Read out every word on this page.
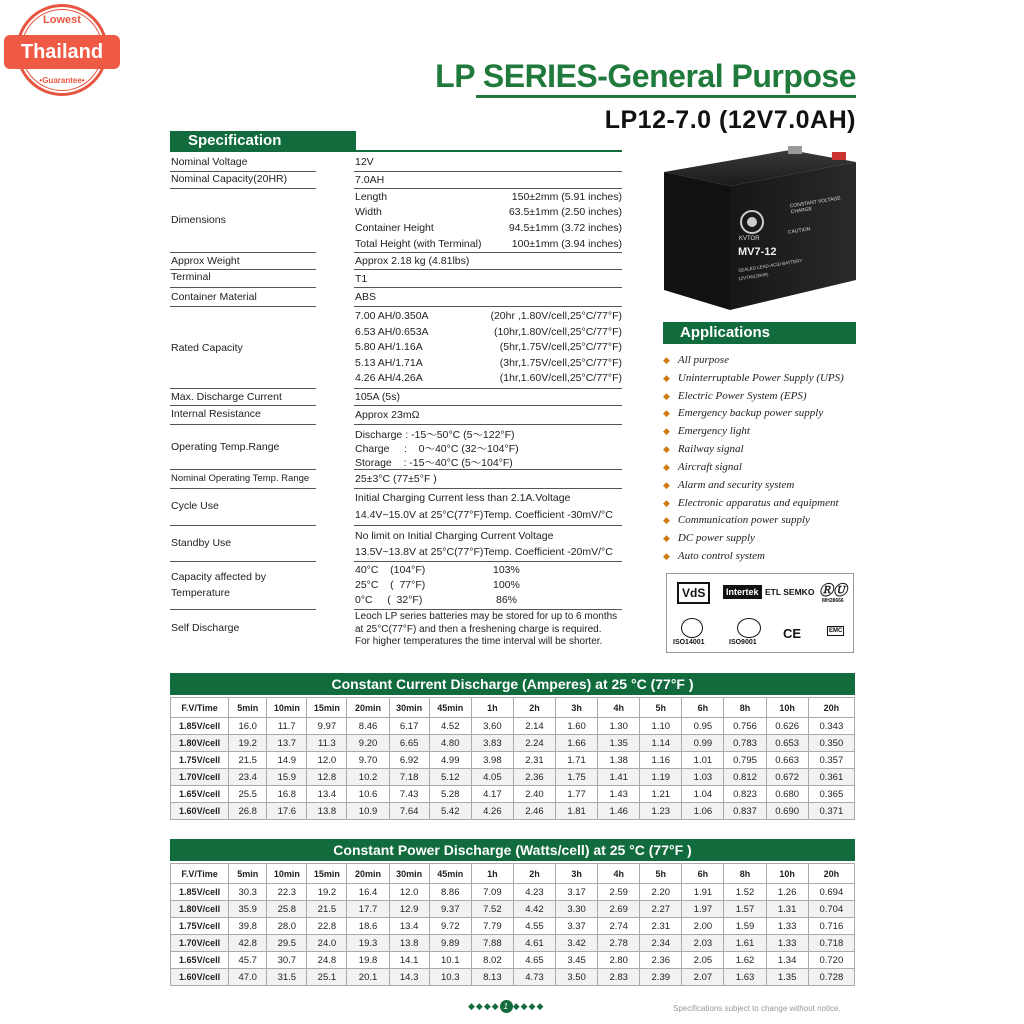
Lowest
Thailand
•Guarantee•	LP SERIES-General Purpose
LP12-7.0 (12V7.0AH)
Specification
Nominal Voltage	12V
Nominal Capacity(20HR)	7.0AH
Dimensions
Length	150±2mm (5.91 inches)
Width	63.5±1mm (2.50 inches)
Container Height	94.5±1mm (3.72 inches)
Total Height (with Terminal)	100±1mm (3.94 inches)
Approx Weight	Approx 2.18 kg (4.81lbs)
Terminal	T1
Container Material	ABS
Rated Capacity
7.00 AH/0.350A	(20hr ,1.80V/cell,25°C/77°F)
6.53 AH/0.653A	(10hr,1.80V/cell,25°C/77°F)
5.80 AH/1.16A	(5hr,1.75V/cell,25°C/77°F)
5.13 AH/1.71A	(3hr,1.75V/cell,25°C/77°F)
4.26 AH/4.26A	(1hr,1.60V/cell,25°C/77°F)
Max. Discharge Current	105A (5s)
Internal Resistance	Approx 23mΩ
Operating Temp.Range
Discharge : -15～50°C (5～122°F)
Charge     :    0～40°C (32～104°F)
Storage    : -15～40°C (5～104°F)
Nominal Operating Temp. Range	25±3°C (77±5°F )
Cycle Use
Initial Charging Current less than 2.1A.Voltage
14.4V~15.0V at 25°C(77°F)Temp. Coefficient -30mV/°C
Standby Use
No limit on Initial Charging Current Voltage
13.5V~13.8V at 25°C(77°F)Temp. Coefficient -20mV/°C
Capacity affected by
Temperature
40°C    (104°F)	103%
25°C    (  77°F)	100%
0°C     (  32°F)	86%
Self Discharge
Leoch LP series batteries may be stored for up to 6 months
at 25°C(77°F) and then a freshening charge is required.
For higher temperatures the time interval will be shorter.
KVTOR
MV7-12
CONSTANT VOLTAGE CHARGE
CAUTION
SEALED LEAD-ACID BATTERY
12V7Ah(20HR)
Applications
◆ All purpose
◆ Uninterruptable Power Supply (UPS)
◆ Electric Power System (EPS)
◆ Emergency backup power supply
◆ Emergency light
◆ Railway signal
◆ Aircraft signal
◆ Alarm and security system
◆ Electronic apparatus and equipment
◆ Communication power supply
◆ DC power supply
◆ Auto control system
VdS	Intertek ETL SEMKO ⓇⓊ
MH28666
ISO14001	ISO9001
CE	EMC
Constant Current Discharge (Amperes) at 25 °C (77°F )
F.V/Time	5min	10min	15min	20min	30min	45min	1h	2h	3h	4h	5h	6h	8h	10h	20h
1.85V/cell	16.0	11.7	9.97	8.46	6.17	4.52	3.60	2.14	1.60	1.30	1.10	0.95	0.756	0.626	0.343
1.80V/cell	19.2	13.7	11.3	9.20	6.65	4.80	3.83	2.24	1.66	1.35	1.14	0.99	0.783	0.653	0.350
1.75V/cell	21.5	14.9	12.0	9.70	6.92	4.99	3.98	2.31	1.71	1.38	1.16	1.01	0.795	0.663	0.357
1.70V/cell	23.4	15.9	12.8	10.2	7.18	5.12	4.05	2.36	1.75	1.41	1.19	1.03	0.812	0.672	0.361
1.65V/cell	25.5	16.8	13.4	10.6	7.43	5.28	4.17	2.40	1.77	1.43	1.21	1.04	0.823	0.680	0.365
1.60V/cell	26.8	17.6	13.8	10.9	7.64	5.42	4.26	2.46	1.81	1.46	1.23	1.06	0.837	0.690	0.371
Constant Power Discharge (Watts/cell) at 25 °C (77°F )
F.V/Time	5min	10min	15min	20min	30min	45min	1h	2h	3h	4h	5h	6h	8h	10h	20h
1.85V/cell	30.3	22.3	19.2	16.4	12.0	8.86	7.09	4.23	3.17	2.59	2.20	1.91	1.52	1.26	0.694
1.80V/cell	35.9	25.8	21.5	17.7	12.9	9.37	7.52	4.42	3.30	2.69	2.27	1.97	1.57	1.31	0.704
1.75V/cell	39.8	28.0	22.8	18.6	13.4	9.72	7.79	4.55	3.37	2.74	2.31	2.00	1.59	1.33	0.716
1.70V/cell	42.8	29.5	24.0	19.3	13.8	9.89	7.88	4.61	3.42	2.78	2.34	2.03	1.61	1.33	0.718
1.65V/cell	45.7	30.7	24.8	19.8	14.1	10.1	8.02	4.65	3.45	2.80	2.36	2.05	1.62	1.34	0.720
1.60V/cell	47.0	31.5	25.1	20.1	14.3	10.3	8.13	4.73	3.50	2.83	2.39	2.07	1.63	1.35	0.728
◆◆◆◆ 1 ◆◆◆◆	Specifications subject to change without notice.
